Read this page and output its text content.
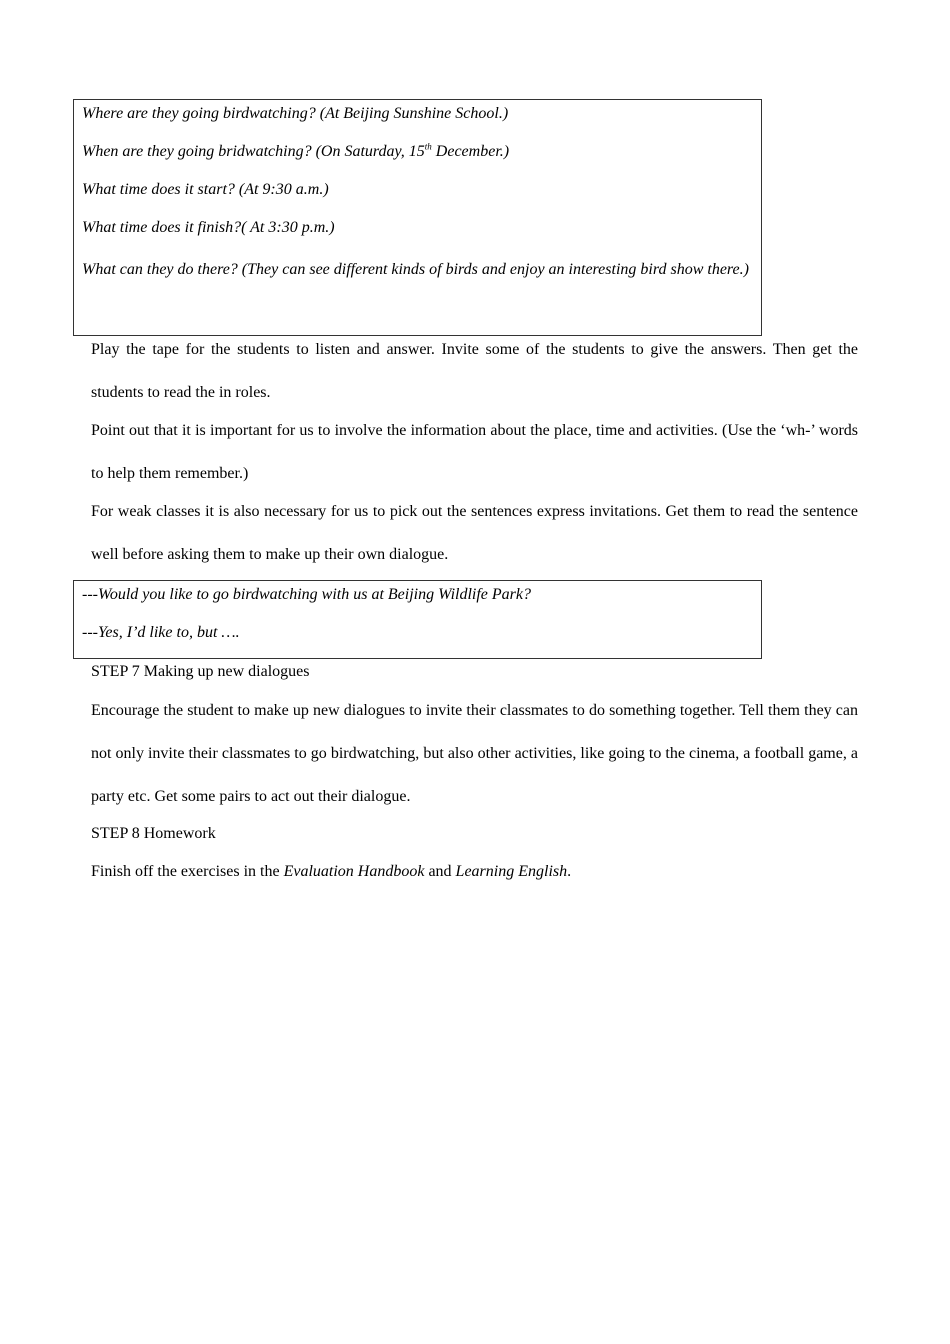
Where are they going birdwatching? (At Beijing Sunshine School.)

When are they going bridwatching? (On Saturday, 15th December.)

What time does it start? (At 9:30 a.m.)

What time does it finish?( At 3:30 p.m.)

What can they do there? (They can see different kinds of birds and enjoy an interesting bird show there.)

Play the tape for the students to listen and answer. Invite some of the students to give the answers. Then get the students to read the in roles.

Point out that it is important for us to involve the information about the place, time and activities. (Use the ‘wh-’ words to help them remember.)

For weak classes it is also necessary for us to pick out the sentences express invitations. Get them to read the sentence well before asking them to make up their own dialogue.

---Would you like to go birdwatching with us at Beijing Wildlife Park?

---Yes, I’d like to, but ….

STEP 7 Making up new dialogues

Encourage the student to make up new dialogues to invite their classmates to do something together. Tell them they can not only invite their classmates to go birdwatching, but also other activities, like going to the cinema, a football game, a party etc. Get some pairs to act out their dialogue.

STEP 8 Homework

Finish off the exercises in the Evaluation Handbook and Learning English.
